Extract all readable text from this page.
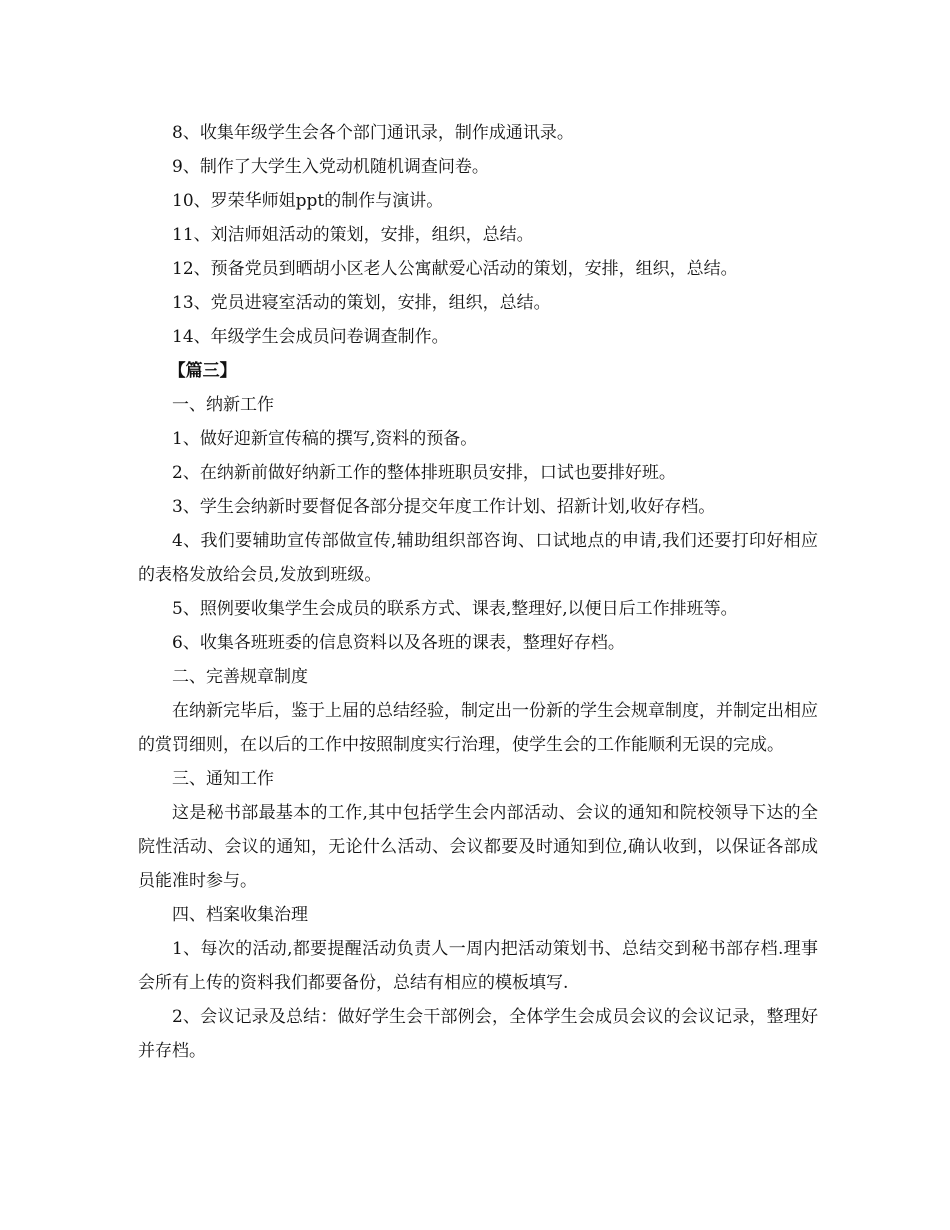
8、收集年级学生会各个部门通讯录，制作成通讯录。

9、制作了大学生入党动机随机调查问卷。

10、罗荣华师姐ppt的制作与演讲。

11、刘洁师姐活动的策划，安排，组织，总结。

12、预备党员到晒胡小区老人公寓献爱心活动的策划，安排，组织，总结。

13、党员进寝室活动的策划，安排，组织，总结。

14、年级学生会成员问卷调查制作。

【篇三】

一、纳新工作

1、做好迎新宣传稿的撰写,资料的预备。

2、在纳新前做好纳新工作的整体排班职员安排，口试也要排好班。

3、学生会纳新时要督促各部分提交年度工作计划、招新计划,收好存档。

4、我们要辅助宣传部做宣传,辅助组织部咨询、口试地点的申请,我们还要打印好相应的表格发放给会员,发放到班级。

5、照例要收集学生会成员的联系方式、课表,整理好,以便日后工作排班等。

6、收集各班班委的信息资料以及各班的课表，整理好存档。

二、完善规章制度

在纳新完毕后，鉴于上届的总结经验，制定出一份新的学生会规章制度，并制定出相应的赏罚细则，在以后的工作中按照制度实行治理，使学生会的工作能顺利无误的完成。

三、通知工作

这是秘书部最基本的工作,其中包括学生会内部活动、会议的通知和院校领导下达的全院性活动、会议的通知，无论什么活动、会议都要及时通知到位,确认收到，以保证各部成员能准时参与。

四、档案收集治理

1、每次的活动,都要提醒活动负责人一周内把活动策划书、总结交到秘书部存档.理事会所有上传的资料我们都要备份，总结有相应的模板填写.

2、会议记录及总结：做好学生会干部例会，全体学生会成员会议的会议记录，整理好并存档。
